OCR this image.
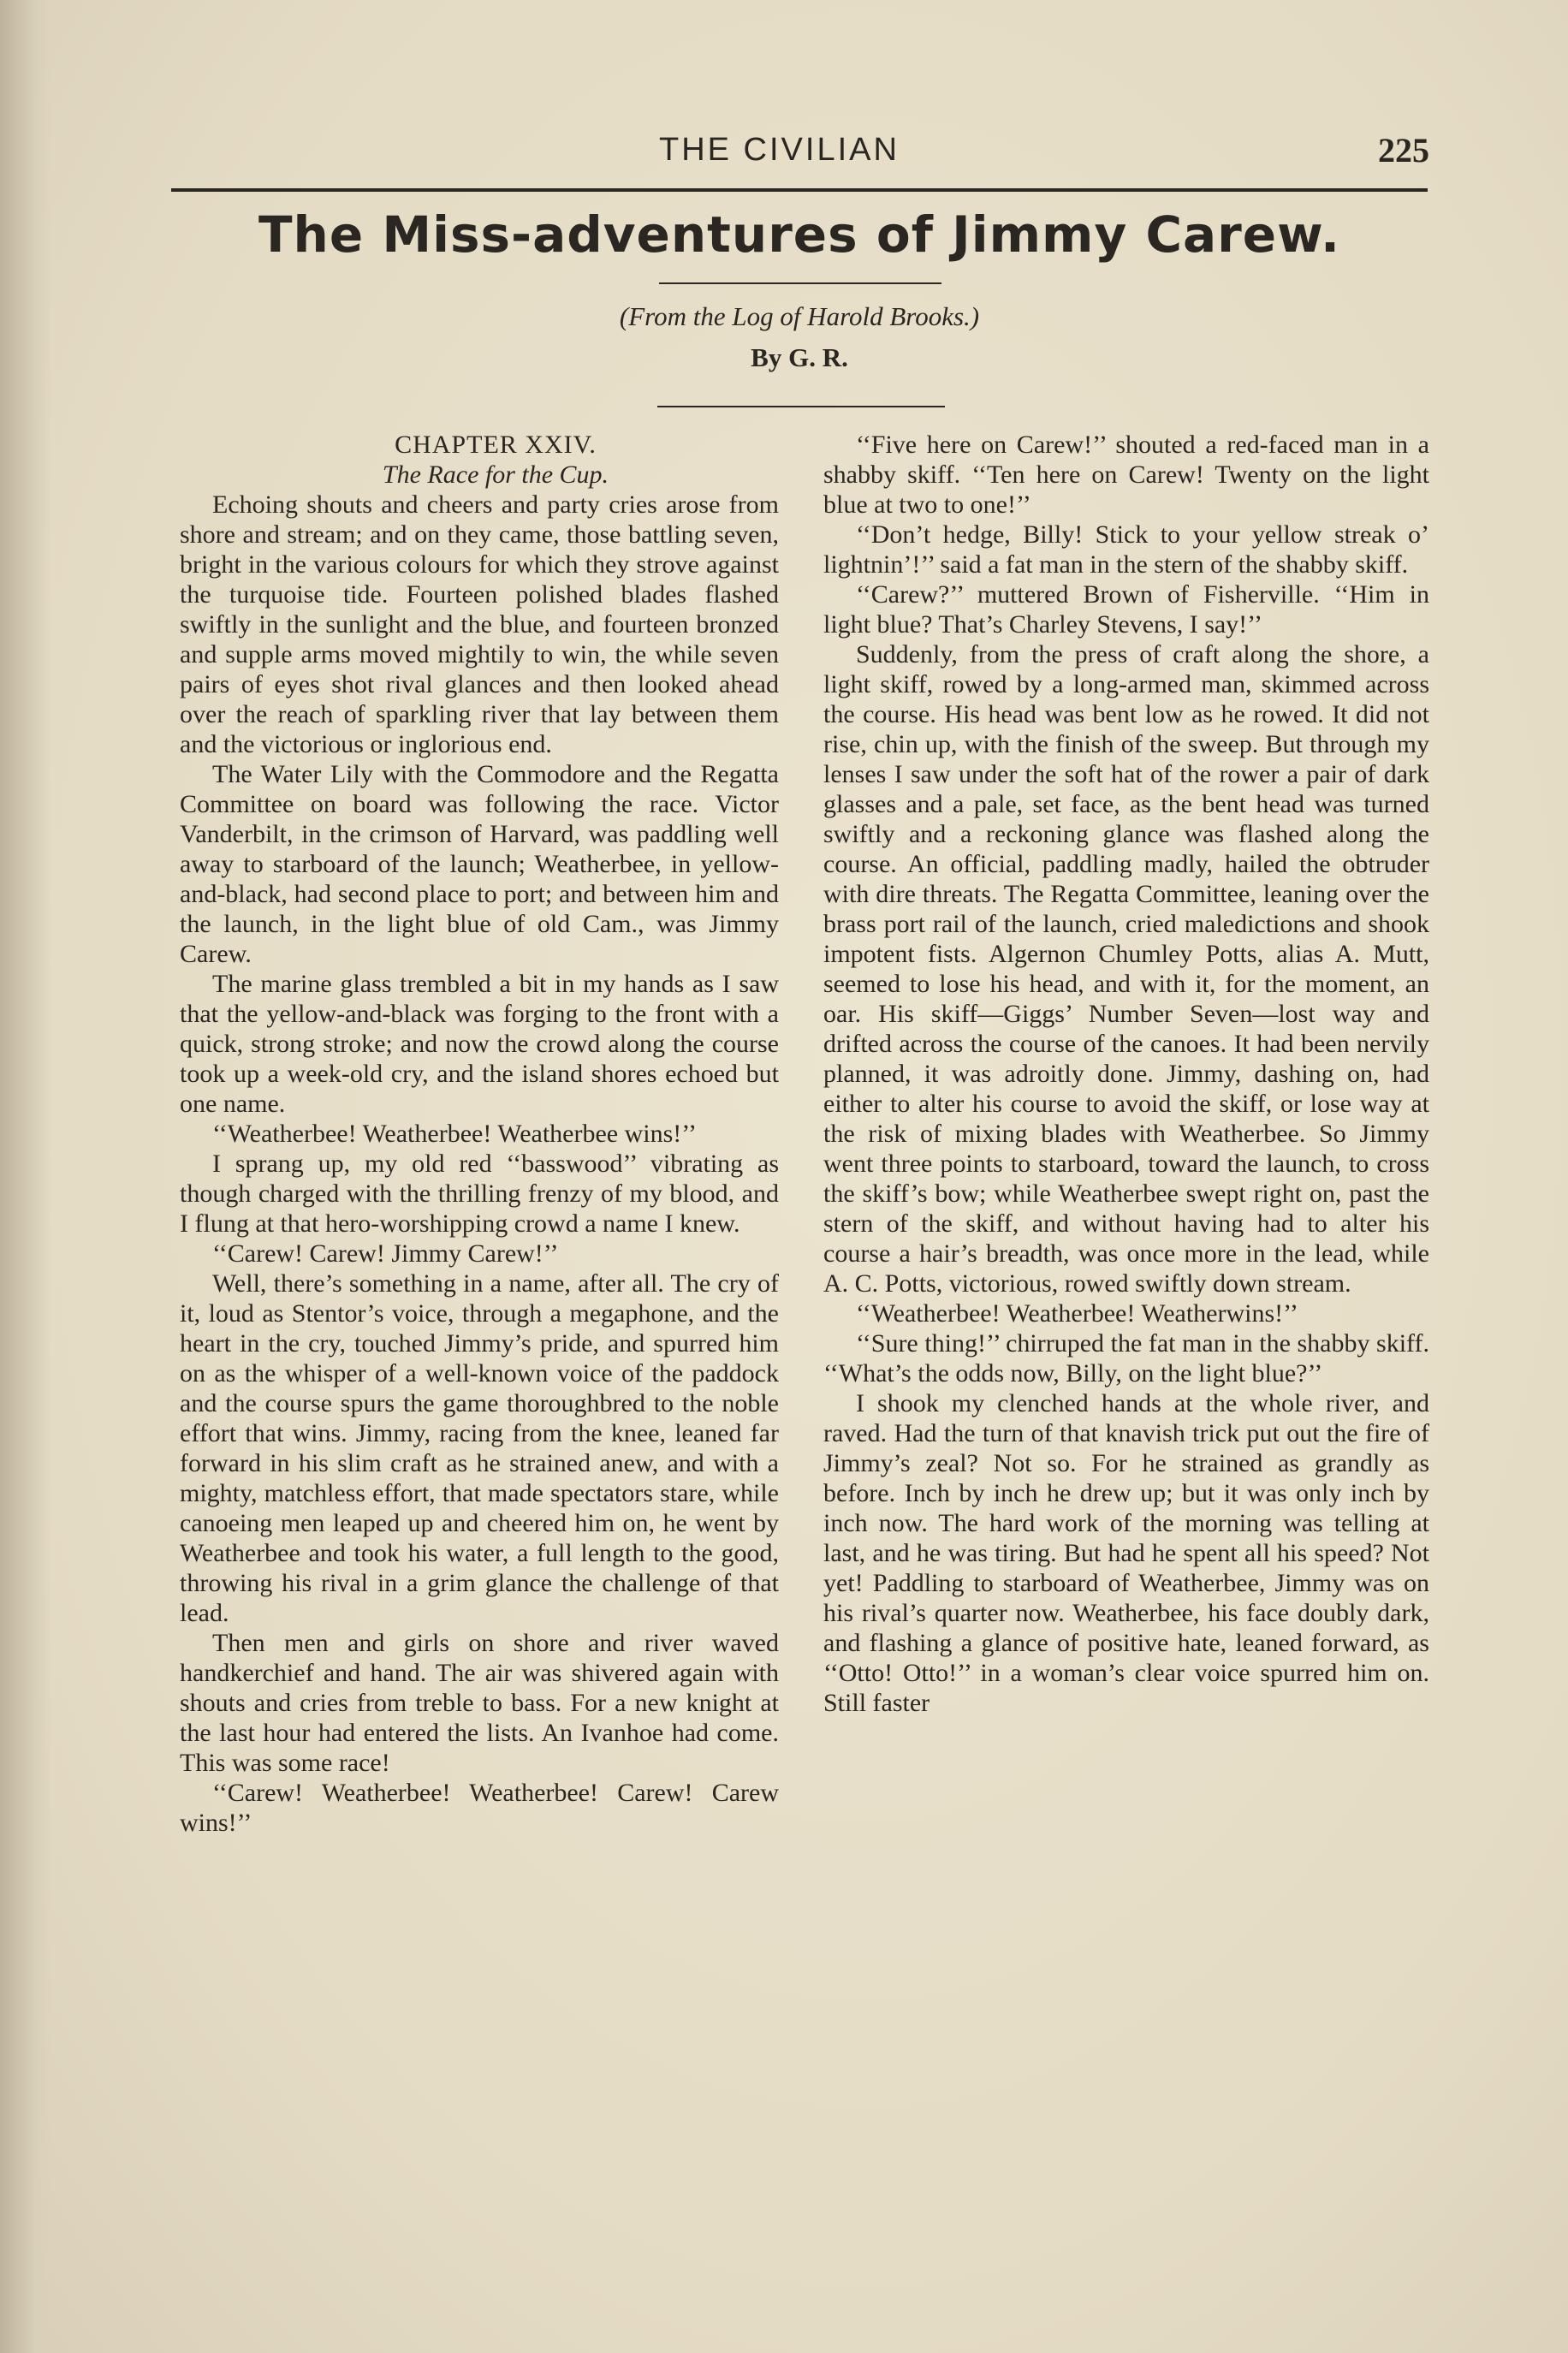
THE CIVILIAN	225
The Miss-adventures of Jimmy Carew.
(From the Log of Harold Brooks.)
By G. R.

CHAPTER XXIV.

The Race for the Cup.

Echoing shouts and cheers and party cries arose from shore and stream; and on they came, those battling seven, bright in the various colours for which they strove against the turquoise tide. Fourteen polished blades flashed swiftly in the sunlight and the blue, and fourteen bronzed and supple arms moved mightily to win, the while seven pairs of eyes shot rival glances and then looked ahead over the reach of sparkling river that lay between them and the victorious or inglorious end.

The Water Lily with the Commodore and the Regatta Committee on board was following the race. Victor Vanderbilt, in the crimson of Harvard, was paddling well away to starboard of the launch; Weatherbee, in yellow-and-black, had second place to port; and between him and the launch, in the light blue of old Cam., was Jimmy Carew.

The marine glass trembled a bit in my hands as I saw that the yellow-and-black was forging to the front with a quick, strong stroke; and now the crowd along the course took up a week-old cry, and the island shores echoed but one name.

‘‘Weatherbee! Weatherbee! Weatherbee wins!’’

I sprang up, my old red ‘‘basswood’’ vibrating as though charged with the thrilling frenzy of my blood, and I flung at that hero-worshipping crowd a name I knew.

‘‘Carew! Carew! Jimmy Carew!’’

Well, there’s something in a name, after all. The cry of it, loud as Stentor’s voice, through a megaphone, and the heart in the cry, touched Jimmy’s pride, and spurred him on as the whisper of a well-known voice of the paddock and the course spurs the game thoroughbred to the noble effort that wins. Jimmy, racing from the knee, leaned far forward in his slim craft as he strained anew, and with a mighty, matchless effort, that made spectators stare, while canoeing men leaped up and cheered him on, he went by Weatherbee and took his water, a full length to the good, throwing his rival in a grim glance the challenge of that lead.

Then men and girls on shore and river waved handkerchief and hand. The air was shivered again with shouts and cries from treble to bass. For a new knight at the last hour had entered the lists. An Ivanhoe had come. This was some race!

‘‘Carew! Weatherbee! Weatherbee! Carew! Carew wins!’’

‘‘Five here on Carew!’’ shouted a red-faced man in a shabby skiff. ‘‘Ten here on Carew! Twenty on the light blue at two to one!’’

‘‘Don’t hedge, Billy! Stick to your yellow streak o’ lightnin’!’’ said a fat man in the stern of the shabby skiff.

‘‘Carew?’’ muttered Brown of Fisherville. ‘‘Him in light blue? That’s Charley Stevens, I say!’’

Suddenly, from the press of craft along the shore, a light skiff, rowed by a long-armed man, skimmed across the course. His head was bent low as he rowed. It did not rise, chin up, with the finish of the sweep. But through my lenses I saw under the soft hat of the rower a pair of dark glasses and a pale, set face, as the bent head was turned swiftly and a reckoning glance was flashed along the course. An official, paddling madly, hailed the obtruder with dire threats. The Regatta Committee, leaning over the brass port rail of the launch, cried maledictions and shook impotent fists. Algernon Chumley Potts, alias A. Mutt, seemed to lose his head, and with it, for the moment, an oar. His skiff—Giggs’ Number Seven—lost way and drifted across the course of the canoes. It had been nervily planned, it was adroitly done. Jimmy, dashing on, had either to alter his course to avoid the skiff, or lose way at the risk of mixing blades with Weatherbee. So Jimmy went three points to starboard, toward the launch, to cross the skiff’s bow; while Weatherbee swept right on, past the stern of the skiff, and without having had to alter his course a hair’s breadth, was once more in the lead, while A. C. Potts, victorious, rowed swiftly down stream.

‘‘Weatherbee! Weatherbee! Weatherwins!’’

‘‘Sure thing!’’ chirruped the fat man in the shabby skiff. ‘‘What’s the odds now, Billy, on the light blue?’’

I shook my clenched hands at the whole river, and raved. Had the turn of that knavish trick put out the fire of Jimmy’s zeal? Not so. For he strained as grandly as before. Inch by inch he drew up; but it was only inch by inch now. The hard work of the morning was telling at last, and he was tiring. But had he spent all his speed? Not yet! Paddling to starboard of Weatherbee, Jimmy was on his rival’s quarter now. Weatherbee, his face doubly dark, and flashing a glance of positive hate, leaned forward, as ‘‘Otto! Otto!’’ in a woman’s clear voice spurred him on. Still faster
